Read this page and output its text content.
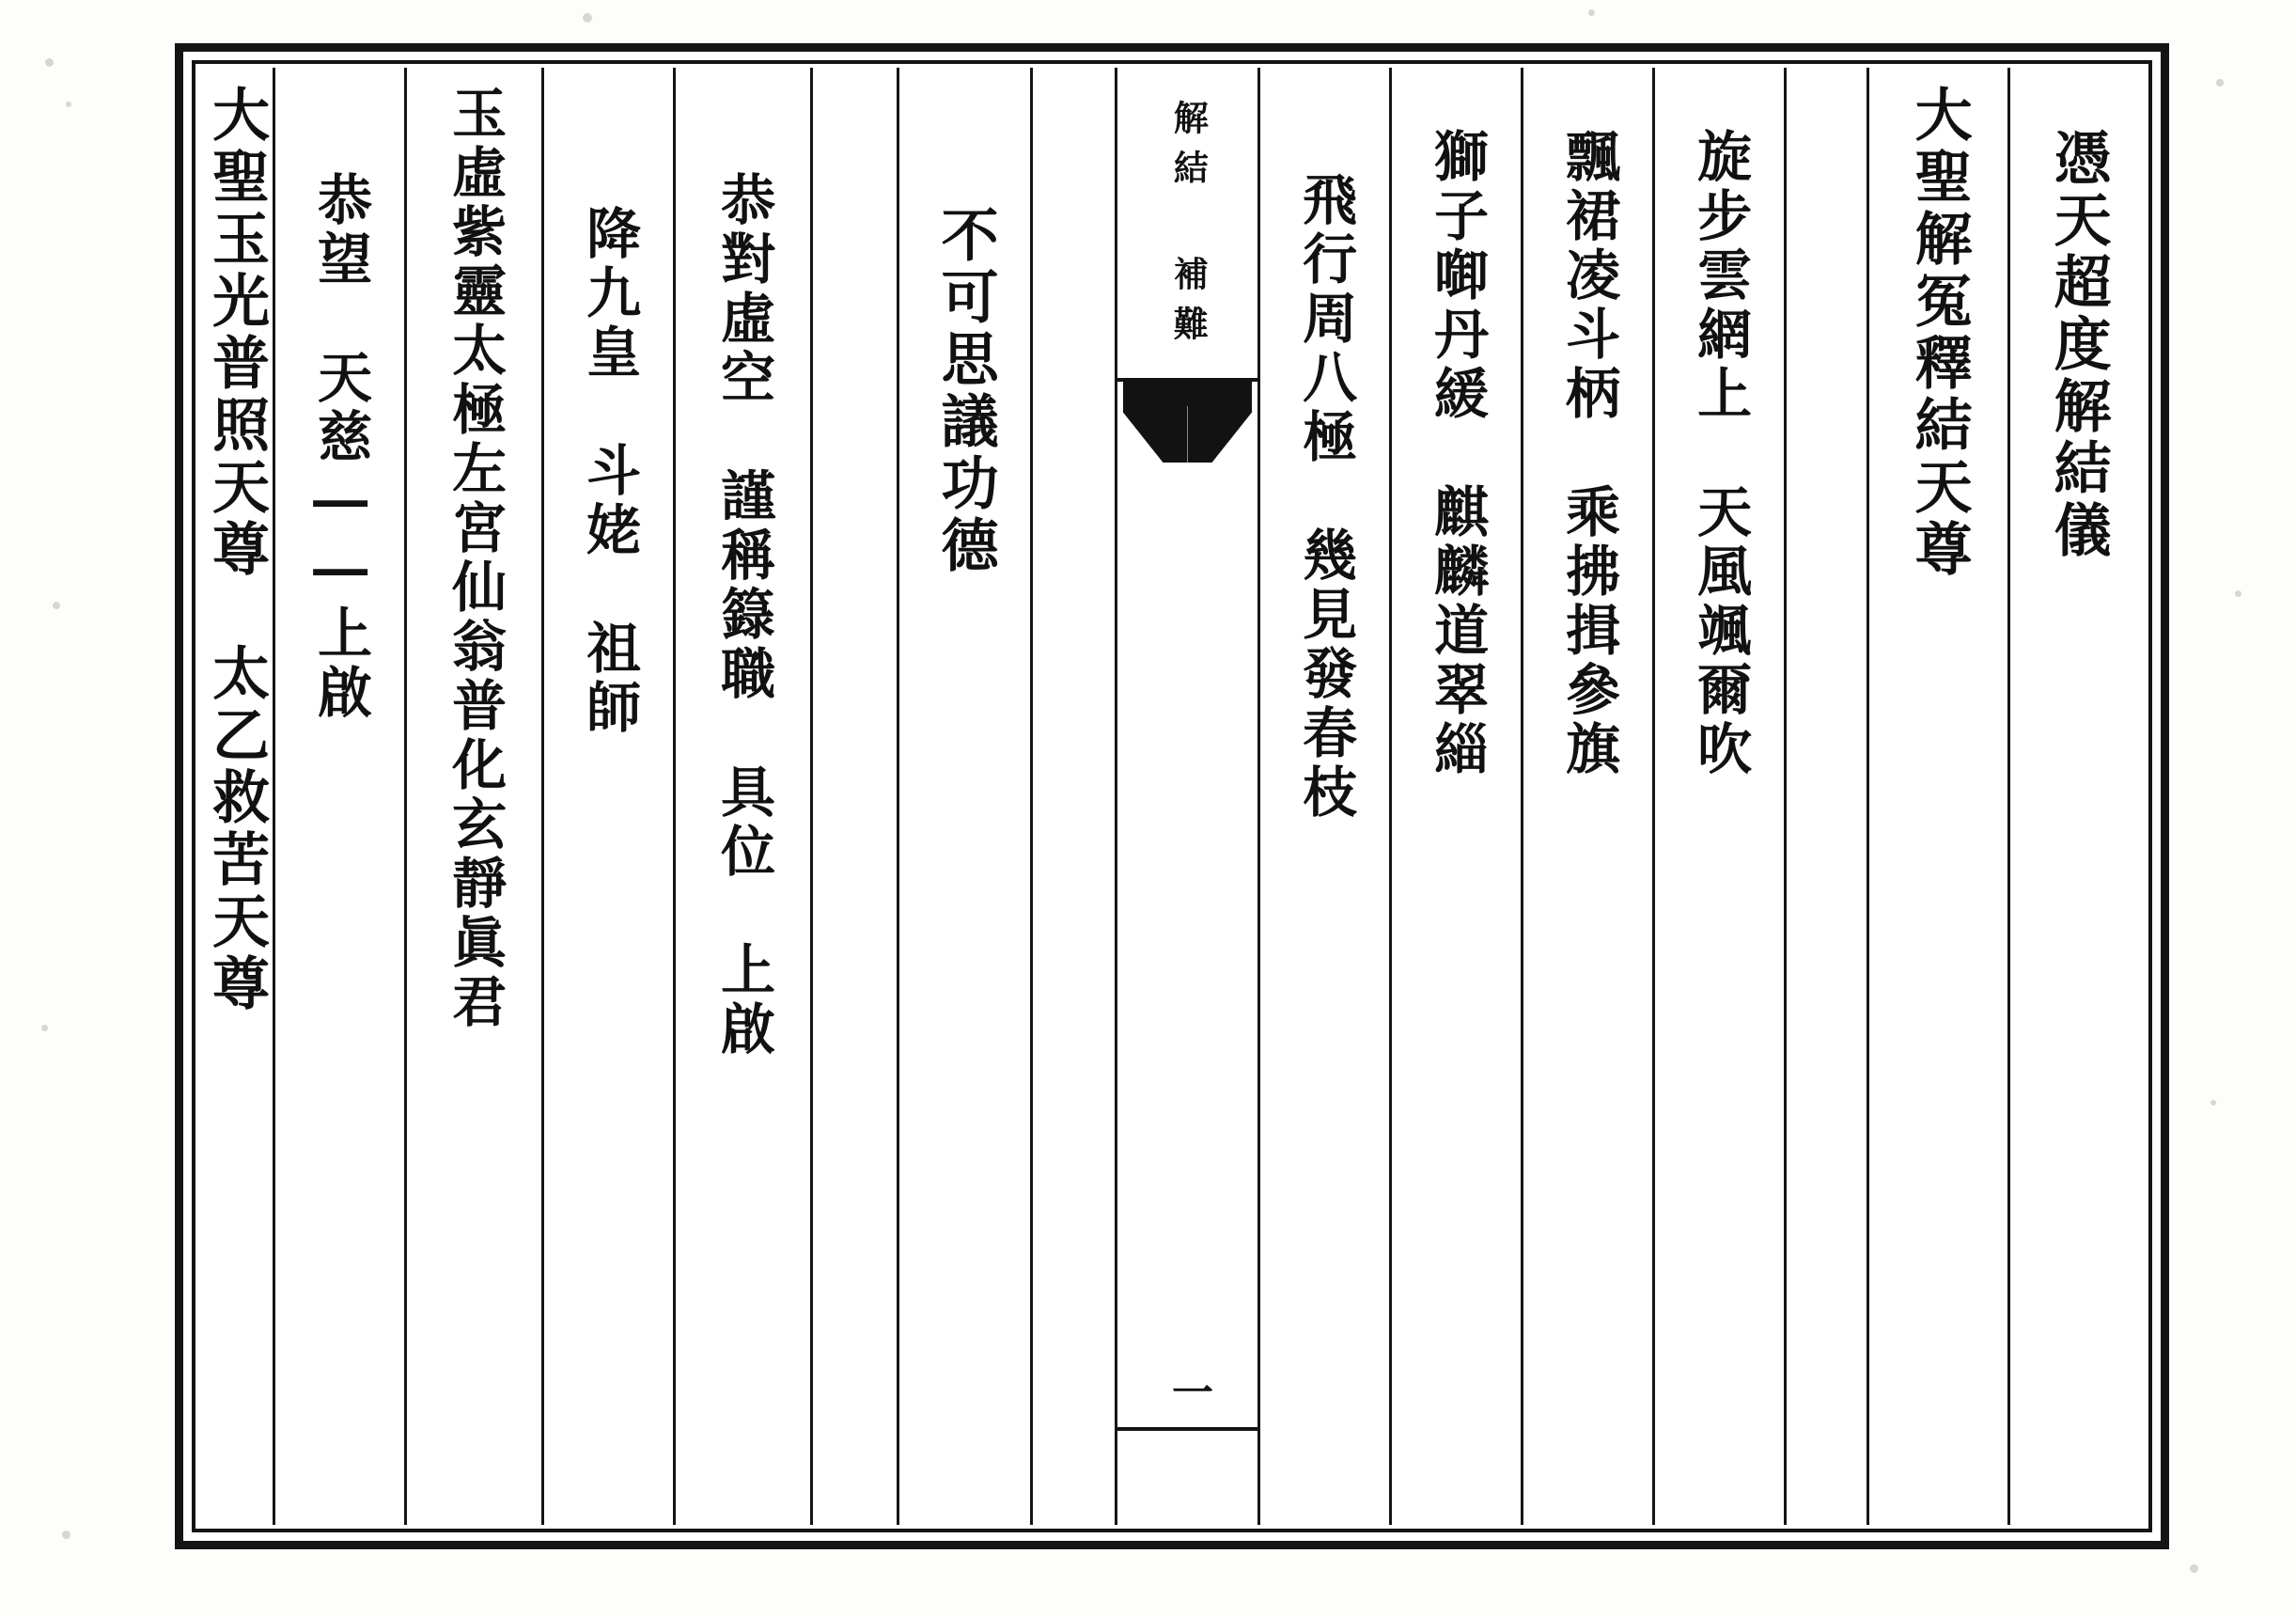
憑天超度解結儀
大聖解冤釋結天尊
旋步雲網上　天風颯爾吹
飄裙凌斗柄　乘拂揖參旗
獅子啣丹緩　麒麟道翠緇
飛行周八極　幾見發春枝
解結 補難
一
不可思議功德
恭對虛空　謹稱籙職　具位　上啟
降九皇　斗姥　祖師
玉虛紫靈太極左宮仙翁普化玄靜眞君
恭望　天慈――上啟
大聖玉光普照天尊　太乙救苦天尊
